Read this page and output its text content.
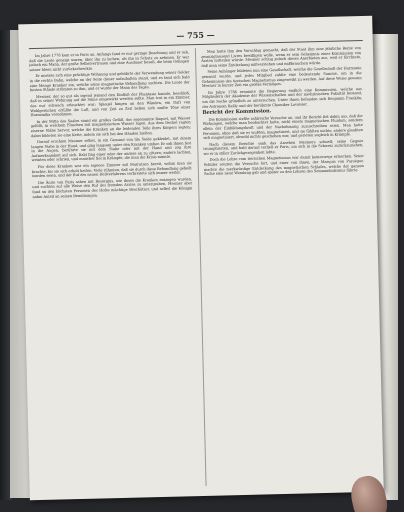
— 755 —

Im Jahre 1778 kam er in Paris an. Anfangs fand er nur geringe Beachtung und er sah, daß die Leute geneigt waren, über ihn zu lachen, als ihn in Schutz zu nehmen. Er war jedoch ein Mann, der große Selbstvertrauen und eine Ausdauer besaß, die beim Gelingen seiner Ideen nicht zurückschreckte.

Er mietete sich eine prächtige Wohnung und gebührte der Verwendung seiner Gelder in die rechte Bahn, welche an der Seite dieser aufzuhalten stand, und es fand sich bald eine Menge Kranker ein, welche seine magnetische Behandlung suchten. Die Leute der besten Stände strömten zu ihm, und er wurde der Mann des Tages.

Mesmer, der so gut als irgend jemand den Einfluß der Phantasie kannte, beschloß, daß in seiner Wohnung auf die Sinne eingewirkt werden sollte. Man trat in ein Zimmer, das nur schwach erleuchtet war; Spiegel hingen an den Wänden, ein Duft von Wohlgerüchen erfüllte die Luft, und von Zeit zu Zeit ließen sich sanfte Töne einer Harmonika vernehmen.

In der Mitte des Saales stand ein großes Gefäß, das sogenannte Baquet, mit Wasser gefüllt, in welchem Flaschen mit magnetisiertem Wasser lagen. Aus dem Deckel ragten eiserne Stäbe hervor, welche die Kranken an die leidenden Teile ihres Körpers legten; dabei bildeten sie eine Kette, indem sie sich bei den Händen hielten.

Darauf erschien Mesmer selbst, in ein Gewand von lila Seide gekleidet, mit einem langen Stabe in der Hand, und ging langsam unter den Kranken umher. Er sah ihnen fest in die Augen, berührte sie mit dem Stabe oder mit der Hand und zog ihre Aufmerksamkeit auf sich. Bald fing einer oder der andere an zu zittern; andere lachten, weinten oder schrien, und mancher fiel in Krämpfe, die man die Krisis nannte.

Für diese Kranken war ein eigenes Zimmer mit Matratzen bereit, wohin man sie brachte, bis sie sich erholt hatten. Viele rühmten, daß sie durch diese Behandlung geheilt worden seien, und der Ruf des neuen Heilverfahrens verbreitete sich immer weiter.

Die Ärzte von Paris sahen mit Besorgnis, wie ihnen die Kranken entzogen wurden, und suchten auf alle Weise den Ruf des fremden Arztes zu untergraben. Mesmer aber fand an den höchsten Personen des Hofes mächtige Beschützer, und selbst die Königin nahm Anteil an seinen Bemühungen.

Man hatte ihm den Vorschlag gemacht, daß der Staat ihm eine jährliche Rente von zwanzigtausend Livres bewilligen wolle, wenn er sein Geheimnis einer Kommission von Ärzten mitteilen würde. Mesmer schlug jedoch dieses Anerbieten aus, weil er fürchtete, daß man seine Entdeckung mißverstehen und mißbrauchen würde.

Seine Anhänger bildeten nun eine Gesellschaft, welche die Gesellschaft der Harmonie genannt wurde, und jedes Mitglied zahlte eine bedeutende Summe, um in die Geheimnisse des tierischen Magnetismus eingeweiht zu werden. Auf diese Weise gewann Mesmer in kurzer Zeit ein großes Vermögen.

Im Jahre 1784 ernannte die Regierung endlich eine Kommission, welche aus Mitgliedern der Akademie der Wissenschaften und der medizinischen Fakultät bestand, um die Sache gründlich zu untersuchen. Unter ihnen befanden sich Benjamin Franklin, der Astronom Bailly und der berühmte Chemiker Lavoisier.

Bericht der Kommission.

Die Kommission stellte zahlreiche Versuche an, und ihr Bericht fiel dahin aus, daß die Wirkungen, welche man beobachtet hatte, nicht einem magnetischen Fluidum, sondern allein der Einbildungskraft und der Nachahmung zuzuschreiben seien. Man hatte Personen, ohne daß sie es wußten, magnetisiert, und sie fühlten nichts; andere glaubten sich magnetisiert, obwohl nichts geschehen war, und gerieten sogleich in Krämpfe.

Nach diesem Berichte sank das Ansehen Mesmers schnell; seine Gegner triumphierten, und bald darauf verließ er Paris, um sich in die Schweiz zurückzuziehen, wo er in stiller Zurückgezogenheit lebte.

Doch die Lehre vom tierischen Magnetismus war damit keineswegs erloschen. Seine Schüler setzten die Versuche fort, und einer von ihnen, der Marquis von Puységur, machte die merkwürdige Entdeckung des magnetischen Schlafes, welche der ganzen Sache eine neue Wendung gab und später zu den Lehren des Somnambulismus führte.
